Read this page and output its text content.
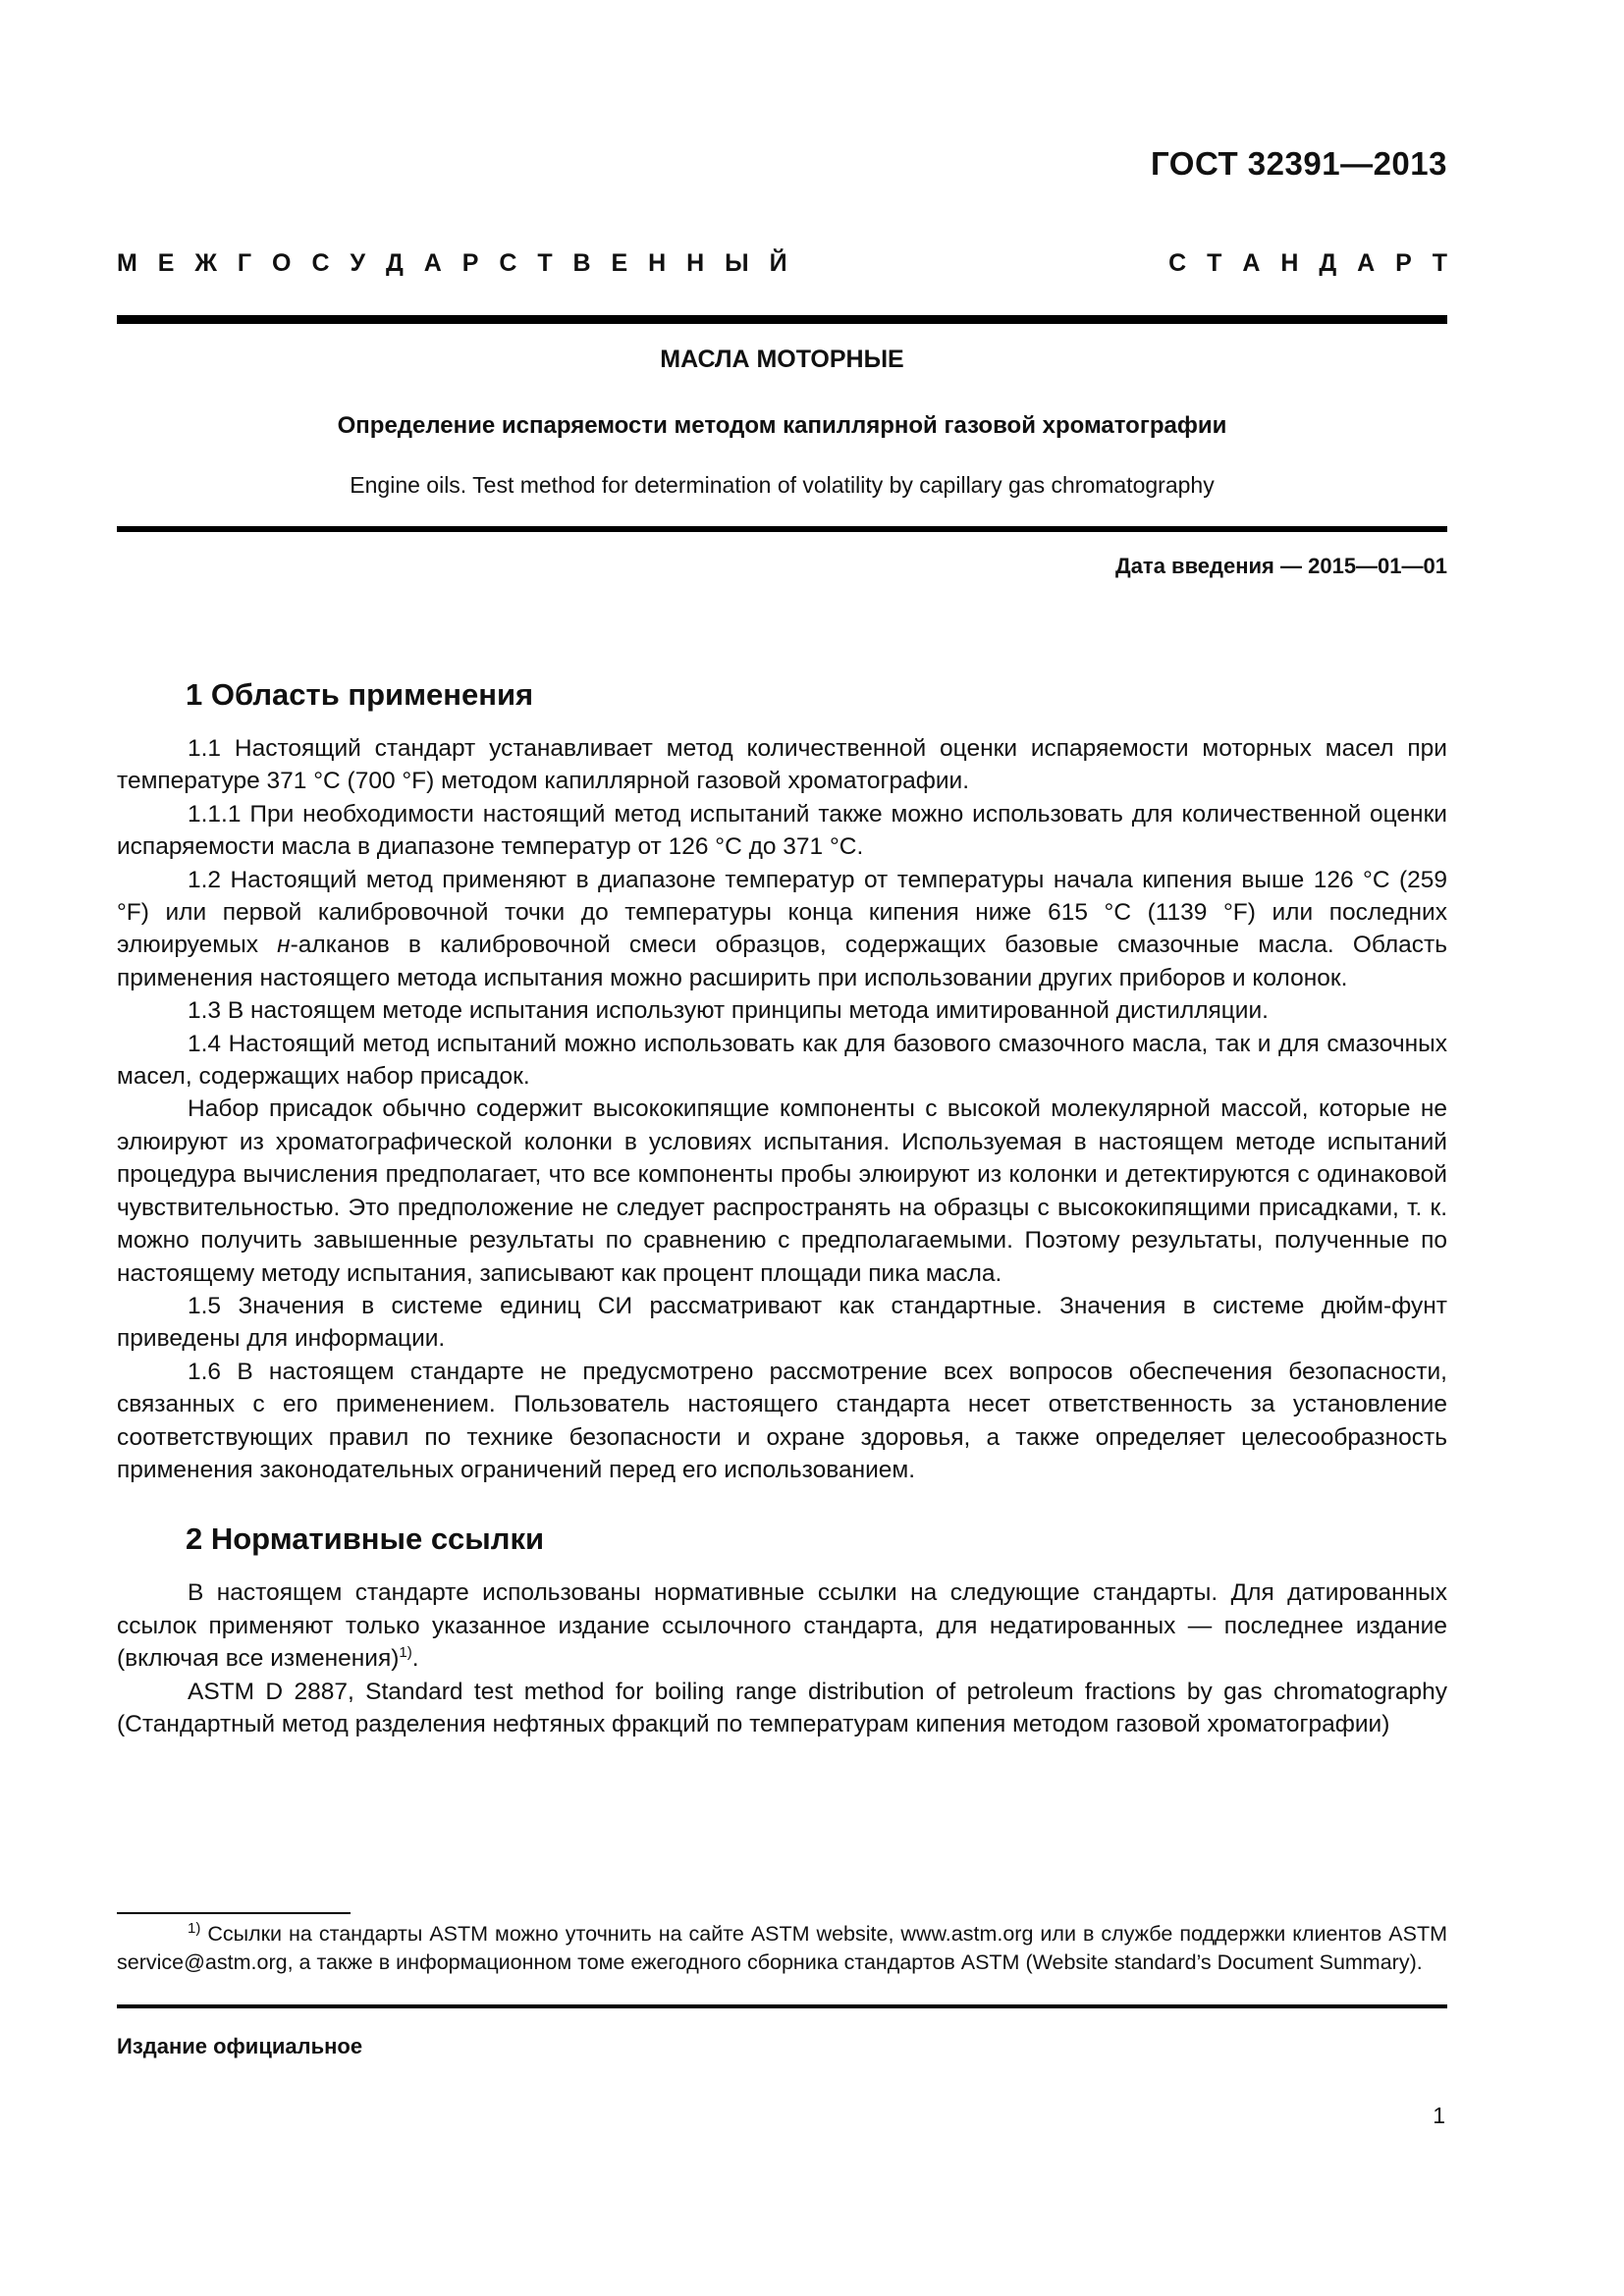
ГОСТ 32391—2013
М Е Ж Г О С У Д А Р С Т В Е Н Н Ы Й	С Т А Н Д А Р Т
МАСЛА МОТОРНЫЕ
Определение испаряемости методом капиллярной газовой хроматографии
Engine oils. Test method for determination of volatility by capillary gas chromatography
Дата введения — 2015—01—01
1 Область применения

1.1 Настоящий стандарт устанавливает метод количественной оценки испаряемости моторных масел при температуре 371 °С (700 °F) методом капиллярной газовой хроматографии.

1.1.1 При необходимости настоящий метод испытаний также можно использовать для количественной оценки испаряемости масла в диапазоне температур от 126 °С до 371 °С.

1.2 Настоящий метод применяют в диапазоне температур от температуры начала кипения выше 126 °С (259 °F) или первой калибровочной точки до температуры конца кипения ниже 615 °С (1139 °F) или последних элюируемых н-алканов в калибровочной смеси образцов, содержащих базовые смазочные масла. Область применения настоящего метода испытания можно расширить при использовании других приборов и колонок.

1.3 В настоящем методе испытания используют принципы метода имитированной дистилляции.

1.4 Настоящий метод испытаний можно использовать как для базового смазочного масла, так и для смазочных масел, содержащих набор присадок.

Набор присадок обычно содержит высококипящие компоненты с высокой молекулярной массой, которые не элюируют из хроматографической колонки в условиях испытания. Используемая в настоящем методе испытаний процедура вычисления предполагает, что все компоненты пробы элюируют из колонки и детектируются с одинаковой чувствительностью. Это предположение не следует распространять на образцы с высококипящими присадками, т. к. можно получить завышенные результаты по сравнению с предполагаемыми. Поэтому результаты, полученные по настоящему методу испытания, записывают как процент площади пика масла.

1.5 Значения в системе единиц СИ рассматривают как стандартные. Значения в системе дюйм-фунт приведены для информации.

1.6 В настоящем стандарте не предусмотрено рассмотрение всех вопросов обеспечения безопасности, связанных с его применением. Пользователь настоящего стандарта несет ответственность за установление соответствующих правил по технике безопасности и охране здоровья, а также определяет целесообразность применения законодательных ограничений перед его использованием.

2 Нормативные ссылки

В настоящем стандарте использованы нормативные ссылки на следующие стандарты. Для датированных ссылок применяют только указанное издание ссылочного стандарта, для недатированных — последнее издание (включая все изменения)$^{1)}$.

ASTM D 2887, Standard test method for boiling range distribution of petroleum fractions by gas chromatography (Стандартный метод разделения нефтяных фракций по температурам кипения методом газовой хроматографии)

$^{1)}$ Ссылки на стандарты ASTM можно уточнить на сайте ASTM website, www.astm.org или в службе поддержки клиентов ASTM service@astm.org, а также в информационном томе ежегодного сборника стандартов ASTM (Website standard’s Document Summary).
Издание официальное
1
